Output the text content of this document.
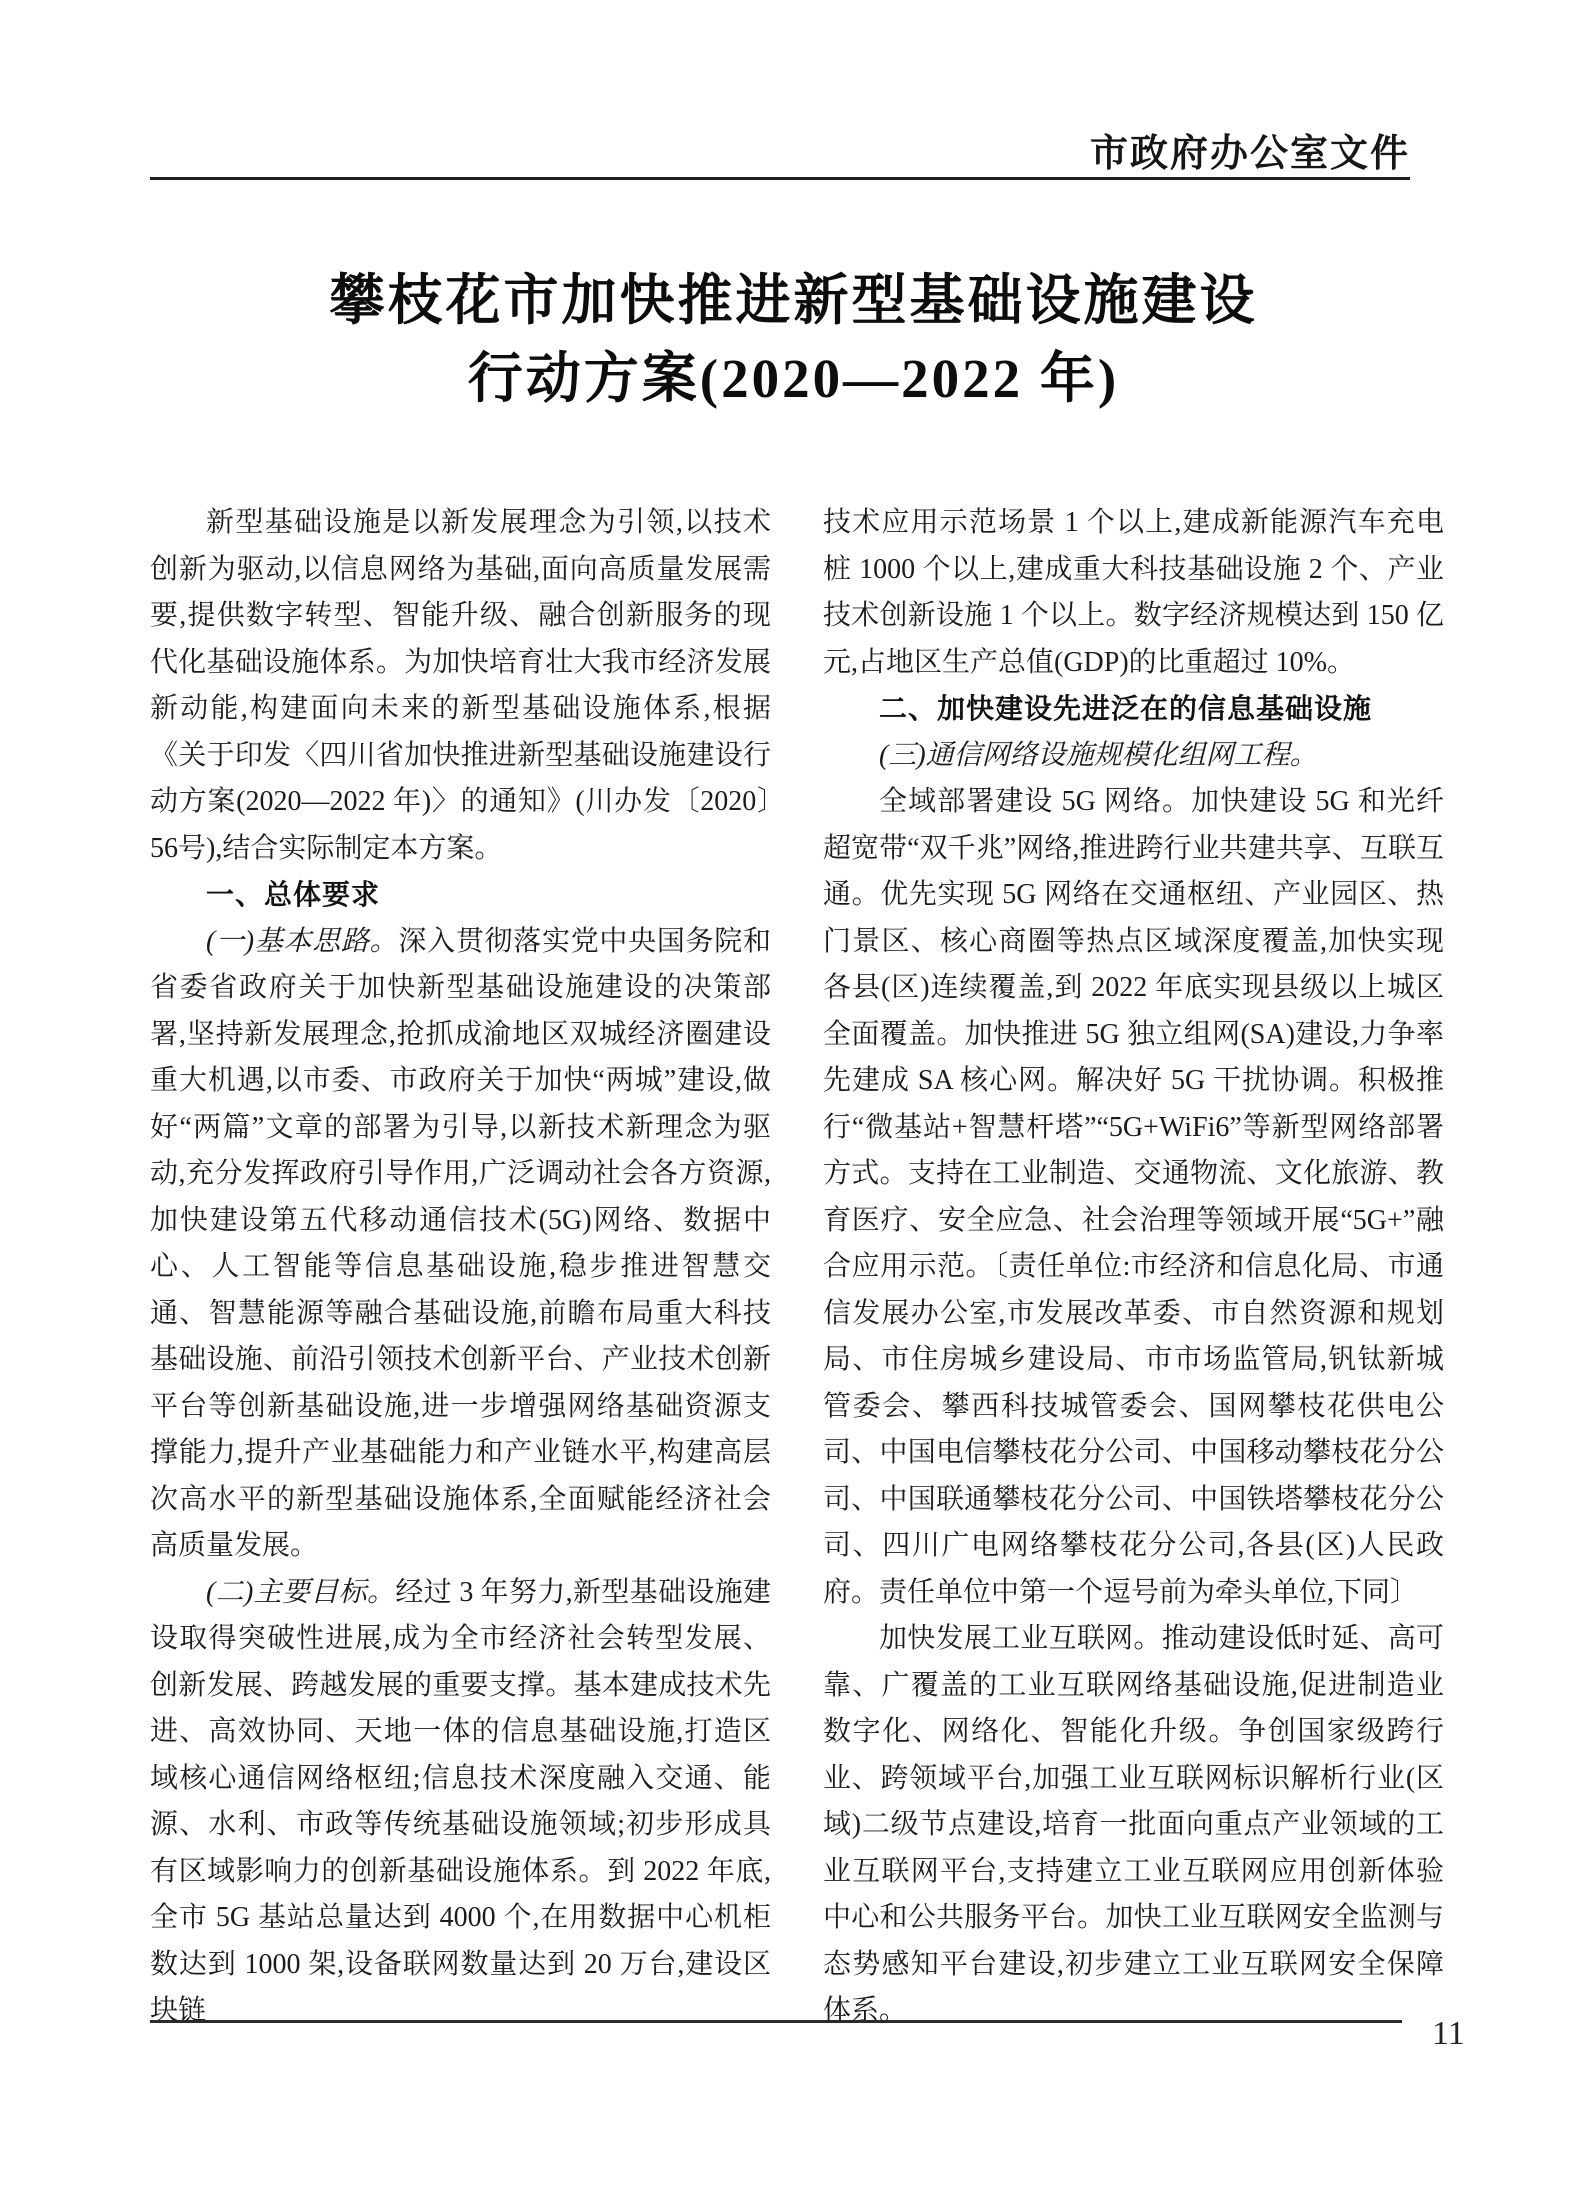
市政府办公室文件
攀枝花市加快推进新型基础设施建设
行动方案(2020—2022 年)

新型基础设施是以新发展理念为引领,以技术创新为驱动,以信息网络为基础,面向高质量发展需要,提供数字转型、智能升级、融合创新服务的现代化基础设施体系。为加快培育壮大我市经济发展新动能,构建面向未来的新型基础设施体系,根据《关于印发〈四川省加快推进新型基础设施建设行动方案(2020—2022 年)〉的通知》(川办发〔2020〕56号),结合实际制定本方案。

一、总体要求

(一)基本思路。深入贯彻落实党中央国务院和省委省政府关于加快新型基础设施建设的决策部署,坚持新发展理念,抢抓成渝地区双城经济圈建设重大机遇,以市委、市政府关于加快“两城”建设,做好“两篇”文章的部署为引导,以新技术新理念为驱动,充分发挥政府引导作用,广泛调动社会各方资源,加快建设第五代移动通信技术(5G)网络、数据中心、人工智能等信息基础设施,稳步推进智慧交通、智慧能源等融合基础设施,前瞻布局重大科技基础设施、前沿引领技术创新平台、产业技术创新平台等创新基础设施,进一步增强网络基础资源支撑能力,提升产业基础能力和产业链水平,构建高层次高水平的新型基础设施体系,全面赋能经济社会高质量发展。

(二)主要目标。经过 3 年努力,新型基础设施建设取得突破性进展,成为全市经济社会转型发展、创新发展、跨越发展的重要支撑。基本建成技术先进、高效协同、天地一体的信息基础设施,打造区域核心通信网络枢纽;信息技术深度融入交通、能源、水利、市政等传统基础设施领域;初步形成具有区域影响力的创新基础设施体系。到 2022 年底,全市 5G 基站总量达到 4000 个,在用数据中心机柜数达到 1000 架,设备联网数量达到 20 万台,建设区块链

技术应用示范场景 1 个以上,建成新能源汽车充电桩 1000 个以上,建成重大科技基础设施 2 个、产业技术创新设施 1 个以上。数字经济规模达到 150 亿元,占地区生产总值(GDP)的比重超过 10%。

二、加快建设先进泛在的信息基础设施

(三)通信网络设施规模化组网工程。

全域部署建设 5G 网络。加快建设 5G 和光纤超宽带“双千兆”网络,推进跨行业共建共享、互联互通。优先实现 5G 网络在交通枢纽、产业园区、热门景区、核心商圈等热点区域深度覆盖,加快实现各县(区)连续覆盖,到 2022 年底实现县级以上城区全面覆盖。加快推进 5G 独立组网(SA)建设,力争率先建成 SA 核心网。解决好 5G 干扰协调。积极推行“微基站+智慧杆塔”“5G+WiFi6”等新型网络部署方式。支持在工业制造、交通物流、文化旅游、教育医疗、安全应急、社会治理等领域开展“5G+”融合应用示范。〔责任单位:市经济和信息化局、市通信发展办公室,市发展改革委、市自然资源和规划局、市住房城乡建设局、市市场监管局,钒钛新城管委会、攀西科技城管委会、国网攀枝花供电公司、中国电信攀枝花分公司、中国移动攀枝花分公司、中国联通攀枝花分公司、中国铁塔攀枝花分公司、四川广电网络攀枝花分公司,各县(区)人民政府。责任单位中第一个逗号前为牵头单位,下同〕

加快发展工业互联网。推动建设低时延、高可靠、广覆盖的工业互联网络基础设施,促进制造业数字化、网络化、智能化升级。争创国家级跨行业、跨领域平台,加强工业互联网标识解析行业(区域)二级节点建设,培育一批面向重点产业领域的工业互联网平台,支持建立工业互联网应用创新体验中心和公共服务平台。加快工业互联网安全监测与态势感知平台建设,初步建立工业互联网安全保障体系。

11
